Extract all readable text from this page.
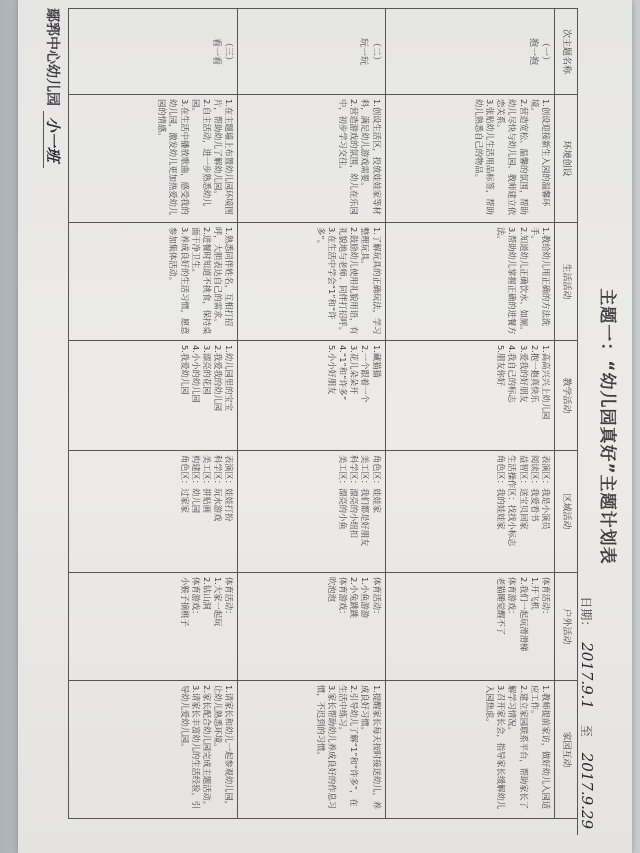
主题一：“幼儿园真好”主题计划表
日期： 2017.9.1 至 2017.9.29
次主题名称	环境创设	生活活动	教学活动	区域活动	户外活动	家园互动
（一）
抱一抱	1.创设迎接新生入园的温馨环境。
2.营造宽松、温馨的氛围，帮助幼儿尽快与幼儿园、教师建立依恋关系。
3.张贴幼儿生活用品标签，帮助幼儿熟悉自己的物品。	1.教给幼儿用正确的方法洗手。
2.知道幼儿正确饮水、如厕。
3.帮助幼儿掌握正确的进餐方法。	1.高高兴兴上幼儿园
2.抱一抱真快乐
3.爱我的好朋友
4.我自己的标志
5.朋友你好	表演区：我是小演员
阅读区：我爱看书
益智区：送宝贝回家
生活操作区：找找小标志
角色区：我的娃娃家	体育活动：
1.开飞机
2.我们一起玩滑滑梯
体育游戏：
老猫睡觉醒不了	1.教师提前家访，做好幼儿入园适应工作。
2.建立家园联系平台，帮助家长了解学习情况。
3.召开家长会，指导家长缓解幼儿入园焦虑。
（二）
玩一玩	1.创设生活区，投放娃娃家等材料，满足幼儿游戏需要。
2.营造游戏的氛围，幼儿在乐园中，初步学习交往。	1.了解玩具的正确玩法，学习整理玩具。
2.鼓励幼儿使用礼貌用语，有礼貌地与老师、同伴打招呼。
3.在生活中学会“1”和“许多”。	1.藏猫猫
2.一个跟着一个
3.花儿朵朵开
4.“1”和“许多”
5.小小好朋友	角色区：娃娃家
美工区：我们都是好朋友
科学区：漂亮的小纽扣
美工区：漂亮的小鱼	体育活动：
1.小鱼游游
2.小兔跳跳
体育游戏：
吹泡泡	1.提醒家长每天按时接送幼儿，养成良好习惯。
2.引导幼儿了解“1”和“许多”，在生活中练习。
3.家长帮助幼儿养成良好的作息习惯，不迟到的习惯。
（三）
看一看	1.在主题墙上布置幼儿园环境图片，帮助幼儿了解幼儿园。
2.自主活动，进一步熟悉幼儿园。
3.在生活中播放歌曲，感受我的幼儿园，激发幼儿更加热爱幼儿园的情感。	1.熟悉同伴姓名，互相打招呼，大胆表达自己的需求。
2.进餐时知道不挑食，保持桌面干净卫生。
3.养成良好的生活习惯，愿意参加集体活动。	1.幼儿园里的宝宝
2.我爱我的幼儿园
3.漂亮的花园
4.小小的幼儿园
5.我爱幼儿园	表演区：娃娃打扮
科学区：玩水游戏
美工区：拼贴画
构建区：幼儿园
角色区：过家家	体育活动：
1.大家一起玩
2.钻山洞
体育游戏：
小猴子摘桃子	1.请家长和幼儿一起参观幼儿园，让幼儿熟悉环境。
2.家长配合幼儿园完成主题活动。
3.请家长丰富幼儿的生活经验，引导幼儿爱幼儿园。
鄢郛中心幼儿园 小一班
